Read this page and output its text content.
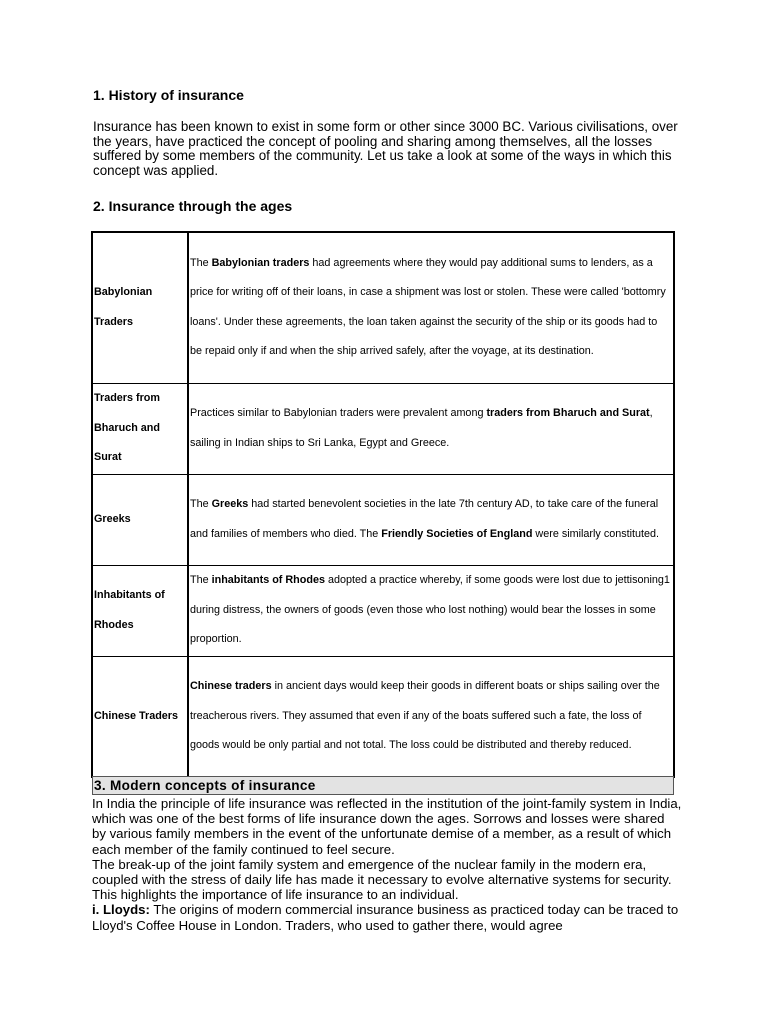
1. History of insurance
Insurance has been known to exist in some form or other since 3000 BC. Various civilisations, over the years, have practiced the concept of pooling and sharing among themselves, all the losses suffered by some members of the community. Let us take a look at some of the ways in which this concept was applied.
2. Insurance through the ages
Babylonian Traders	The Babylonian traders had agreements where they would pay additional sums to lenders, as a price for writing off of their loans, in case a shipment was lost or stolen. These were called 'bottomry loans'. Under these agreements, the loan taken against the security of the ship or its goods had to be repaid only if and when the ship arrived safely, after the voyage, at its destination.
Traders from Bharuch and Surat	Practices similar to Babylonian traders were prevalent among traders from Bharuch and Surat, sailing in Indian ships to Sri Lanka, Egypt and Greece.
Greeks	The Greeks had started benevolent societies in the late 7th century AD, to take care of the funeral and families of members who died. The Friendly Societies of England were similarly constituted.
Inhabitants of Rhodes	The inhabitants of Rhodes adopted a practice whereby, if some goods were lost due to jettisoning1 during distress, the owners of goods (even those who lost nothing) would bear the losses in some proportion.
Chinese Traders	Chinese traders in ancient days would keep their goods in different boats or ships sailing over the treacherous rivers. They assumed that even if any of the boats suffered such a fate, the loss of goods would be only partial and not total. The loss could be distributed and thereby reduced.
3. Modern concepts of insurance

In India the principle of life insurance was reflected in the institution of the joint-family system in India, which was one of the best forms of life insurance down the ages. Sorrows and losses were shared by various family members in the event of the unfortunate demise of a member, as a result of which each member of the family continued to feel secure.

The break-up of the joint family system and emergence of the nuclear family in the modern era, coupled with the stress of daily life has made it necessary to evolve alternative systems for security. This highlights the importance of life insurance to an individual.

i. Lloyds: The origins of modern commercial insurance business as practiced today can be traced to Lloyd's Coffee House in London. Traders, who used to gather there, would agree
